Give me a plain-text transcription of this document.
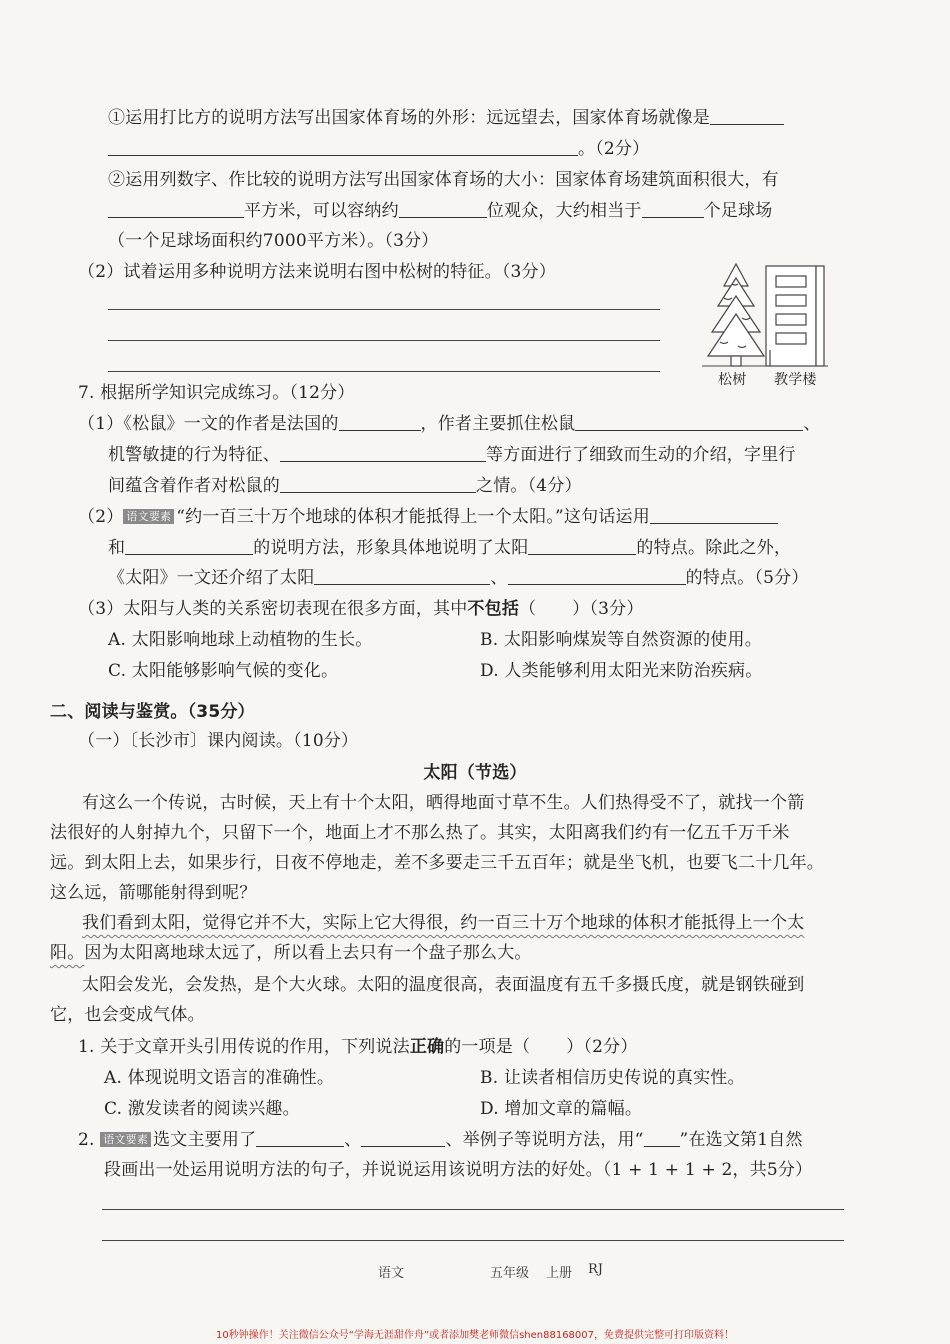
①运用打比方的说明方法写出国家体育场的外形：远远望去，国家体育场就像是
。（2分）
②运用列数字、作比较的说明方法写出国家体育场的大小：国家体育场建筑面积很大，有
平方米，可以容纳约	位观众，大约相当于	个足球场
（一个足球场面积约7000平方米）。（3分）
（2）试着运用多种说明方法来说明右图中松树的特征。（3分）
松树 教学楼
7. 根据所学知识完成练习。（12分）
（1）《松鼠》一文的作者是法国的	，作者主要抓住松鼠	、
机警敏捷的行为特征、	等方面进行了细致而生动的介绍，字里行
间蕴含着作者对松鼠的	之情。（4分）
（2） 语文要素 “约一百三十万个地球的体积才能抵得上一个太阳。”这句话运用
和	的说明方法，形象具体地说明了太阳	的特点。除此之外，
《太阳》一文还介绍了太阳	、	的特点。（5分）
（3）太阳与人类的关系密切表现在很多方面，其中不包括（ ）（3分）
A. 太阳影响地球上动植物的生长。	B. 太阳影响煤炭等自然资源的使用。
C. 太阳能够影响气候的变化。	D. 人类能够利用太阳光来防治疾病。
二、阅读与鉴赏。（35分）
（一）〔长沙市〕课内阅读。（10分）
太阳（节选）
有这么一个传说，古时候，天上有十个太阳，晒得地面寸草不生。人们热得受不了，就找一个箭
法很好的人射掉九个，只留下一个，地面上才不那么热了。其实，太阳离我们约有一亿五千万千米
远。到太阳上去，如果步行，日夜不停地走，差不多要走三千五百年；就是坐飞机，也要飞二十几年。
这么远，箭哪能射得到呢？
我们看到太阳，觉得它并不大，实际上它大得很，约一百三十万个地球的体积才能抵得上一个太
阳。因为太阳离地球太远了，所以看上去只有一个盘子那么大。
太阳会发光，会发热，是个大火球。太阳的温度很高，表面温度有五千多摄氏度，就是钢铁碰到
它，也会变成气体。
1. 关于文章开头引用传说的作用，下列说法正确的一项是（ ）（2分）
A. 体现说明文语言的准确性。	B. 让读者相信历史传说的真实性。
C. 激发读者的阅读兴趣。	D. 增加文章的篇幅。
2. 语文要素 选文主要用了	、	、举例子等说明方法，用“ ”在选文第1自然
段画出一处运用说明方法的句子，并说说运用该说明方法的好处。（1 + 1 + 1 + 2，共5分）
语文	五年级 上册 RJ
10秒钟操作！关注微信公众号“学海无涯甜作舟”或者添加樊老师微信shen88168007，免费提供完整可打印版资料！
